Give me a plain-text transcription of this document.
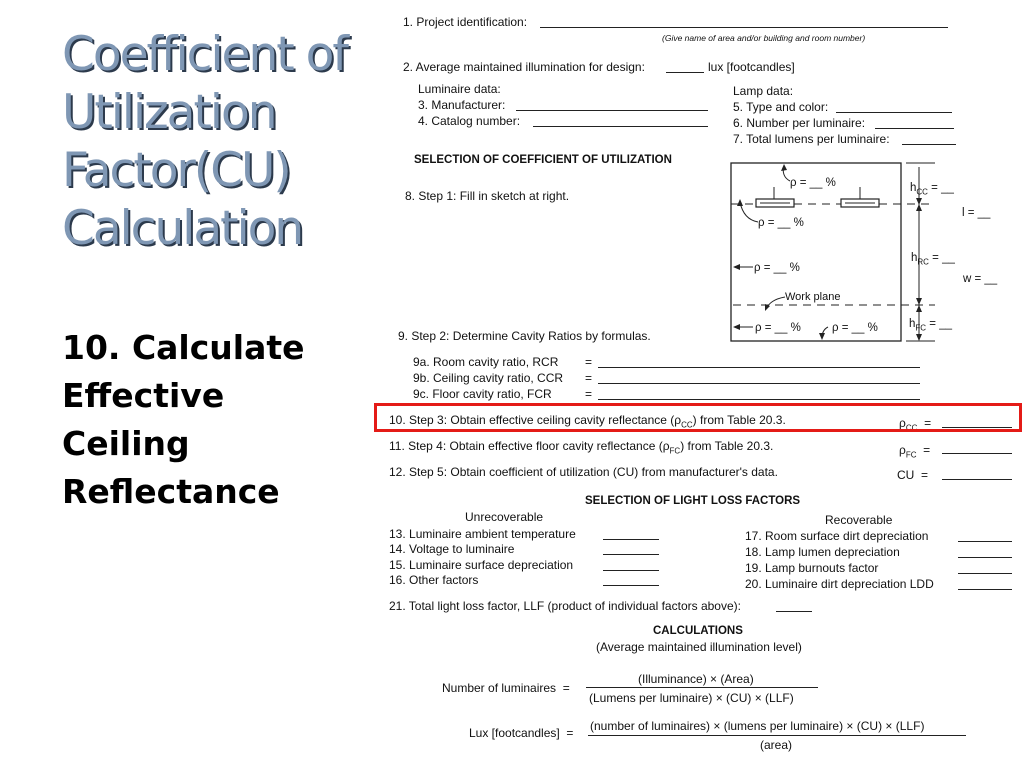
Coefficient of
Utilization
Factor(CU)
Calculation
10. Calculate
Effective
Ceiling
Reflectance
1. Project identification:
(Give name of area and/or building and room number)
2. Average maintained illumination for design:	lux [footcandles]
Luminaire data:	Lamp data:
3. Manufacturer:
4. Catalog number:
5. Type and color:
6. Number per luminaire:
7. Total lumens per luminaire:
SELECTION OF COEFFICIENT OF UTILIZATION
8. Step 1: Fill in sketch at right.
ρ = __ %
ρ = __ %
ρ = __ %
ρ = __ %	ρ = __ %
Work plane
$h_{CC}$ = __
$h_{RC}$ = __
$h_{FC}$ = __
l = __
w = __
9. Step 2: Determine Cavity Ratios by formulas.
9a. Room cavity ratio, RCR =
9b. Ceiling cavity ratio, CCR =
9c. Floor cavity ratio, FCR	=
10. Step 3: Obtain effective ceiling cavity reflectance $(\rho_{CC})$ from Table 20.3.	$\rho_{CC}$ =
11. Step 4: Obtain effective floor cavity reflectance $(\rho_{FC})$ from Table 20.3.	$\rho_{FC}$ =
12. Step 5: Obtain coefficient of utilization (CU) from manufacturer's data.	CU =
SELECTION OF LIGHT LOSS FACTORS
Unrecoverable	Recoverable
13. Luminaire ambient temperature
14. Voltage to luminaire
15. Luminaire surface depreciation
16. Other factors
17. Room surface dirt depreciation
18. Lamp lumen depreciation
19. Lamp burnouts factor
20. Luminaire dirt depreciation LDD
21. Total light loss factor, LLF (product of individual factors above):
CALCULATIONS
(Average maintained illumination level)
Number of luminaires =
(Illuminance) × (Area)
(Lumens per luminaire) × (CU) × (LLF)
Lux [footcandles] = (number of luminaires) × (lumens per luminaire) × (CU) × (LLF)
(area)
